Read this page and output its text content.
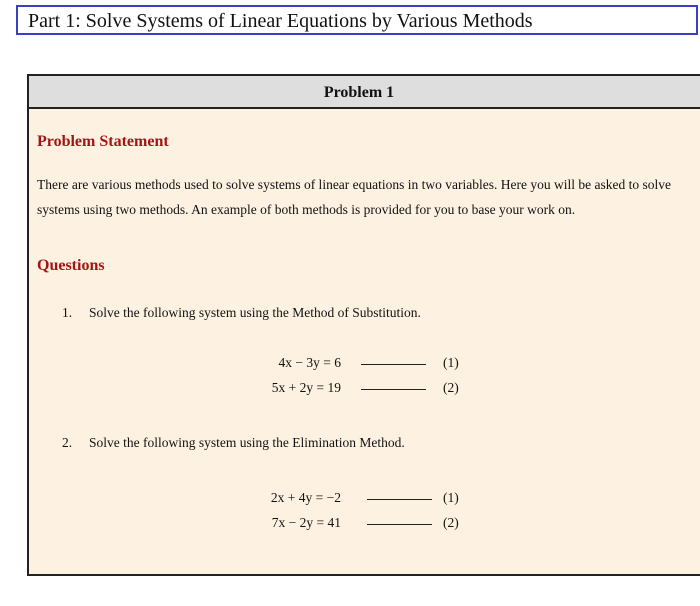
Part 1: Solve Systems of Linear Equations by Various Methods
Problem 1
Problem Statement
There are various methods used to solve systems of linear equations in two variables. Here you will be asked to solve systems using two methods. An example of both methods is provided for you to base your work on.
Questions
1. Solve the following system using the Method of Substitution.
4x − 3y = 6	(1)
5x + 2y = 19	(2)
2. Solve the following system using the Elimination Method.
2x + 4y = −2	(1)
7x − 2y = 41	(2)
